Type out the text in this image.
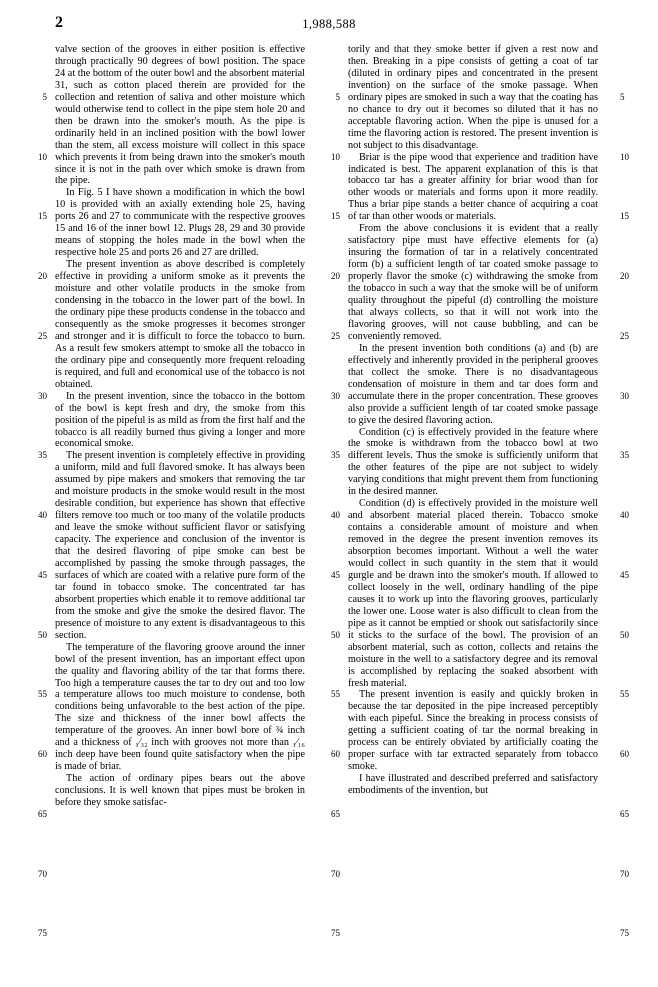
2	1,988,588
5
10
15
20
25
30
35
40
45
50
55
60
65
70
75
5
10
15
20
25
30
35
40
45
50
55
60
65
70
75
5
10
15
20
25
30
35
40
45
50
55
60
65
70
75

valve section of the grooves in either position is effective through practically 90 degrees of bowl position. The space 24 at the bottom of the outer bowl and the absorbent material 31, such as cotton placed therein are provided for the collection and retention of saliva and other moisture which would otherwise tend to collect in the pipe stem hole 20 and then be drawn into the smoker's mouth. As the pipe is ordinarily held in an inclined position with the bowl lower than the stem, all excess moisture will collect in this space which prevents it from being drawn into the smoker's mouth since it is not in the path over which smoke is drawn from the pipe.

In Fig. 5 I have shown a modification in which the bowl 10 is provided with an axially extending hole 25, having ports 26 and 27 to communicate with the respective grooves 15 and 16 of the inner bowl 12. Plugs 28, 29 and 30 provide means of stopping the holes made in the bowl when the respective hole 25 and ports 26 and 27 are drilled.

The present invention as above described is completely effective in providing a uniform smoke as it prevents the moisture and other volatile products in the smoke from condensing in the tobacco in the lower part of the bowl. In the ordinary pipe these products condense in the tobacco and consequently as the smoke progresses it becomes stronger and stronger and it is difficult to force the tobacco to burn. As a result few smokers attempt to smoke all the tobacco in the ordinary pipe and consequently more frequent reloading is required, and full and economical use of the tobacco is not obtained.

In the present invention, since the tobacco in the bottom of the bowl is kept fresh and dry, the smoke from this position of the pipeful is as mild as from the first half and the tobacco is all readily burned thus giving a longer and more economical smoke.

The present invention is completely effective in providing a uniform, mild and full flavored smoke. It has always been assumed by pipe makers and smokers that removing the tar and moisture products in the smoke would result in the most desirable condition, but experience has shown that effective filters remove too much or too many of the volatile products and leave the smoke without sufficient flavor or satisfying capacity. The experience and conclusion of the inventor is that the desired flavoring of pipe smoke can best be accomplished by passing the smoke through passages, the surfaces of which are coated with a relative pure form of the tar found in tobacco smoke. The concentrated tar has absorbent properties which enable it to remove additional tar from the smoke and give the smoke the desired flavor. The presence of moisture to any extent is disadvantageous to this section.

The temperature of the flavoring groove around the inner bowl of the present invention, has an important effect upon the quality and flavoring ability of the tar that forms there. Too high a temperature causes the tar to dry out and too low a temperature allows too much moisture to condense, both conditions being unfavorable to the best action of the pipe. The size and thickness of the inner bowl affects the temperature of the grooves. An inner bowl bore of ¾ inch and a thickness of ₁⁄₃₂ inch with grooves not more than ₁⁄₁₆ inch deep have been found quite satisfactory when the pipe is made of briar.

The action of ordinary pipes bears out the above conclusions. It is well known that pipes must be broken in before they smoke satisfac-

torily and that they smoke better if given a rest now and then. Breaking in a pipe consists of getting a coat of tar (diluted in ordinary pipes and concentrated in the present invention) on the surface of the smoke passage. When ordinary pipes are smoked in such a way that the coating has no chance to dry out it becomes so diluted that it has no acceptable flavoring action. When the pipe is unused for a time the flavoring action is restored. The present invention is not subject to this disadvantage.

Briar is the pipe wood that experience and tradition have indicated is best. The apparent explanation of this is that tobacco tar has a greater affinity for briar wood than for other woods or materials and forms upon it more readily. Thus a briar pipe stands a better chance of acquiring a coat of tar than other woods or materials.

From the above conclusions it is evident that a really satisfactory pipe must have effective elements for (a) insuring the formation of tar in a relatively concentrated form (b) a sufficient length of tar coated smoke passage to properly flavor the smoke (c) withdrawing the smoke from the tobacco in such a way that the smoke will be of uniform quality throughout the pipeful (d) controlling the moisture that always collects, so that it will not work into the flavoring grooves, will not cause bubbling, and can be conveniently removed.

In the present invention both conditions (a) and (b) are effectively and inherently provided in the peripheral grooves that collect the smoke. There is no disadvantageous condensation of moisture in them and tar does form and accumulate there in the proper concentration. These grooves also provide a sufficient length of tar coated smoke passage to give the desired flavoring action.

Condition (c) is effectively provided in the feature where the smoke is withdrawn from the tobacco bowl at two different levels. Thus the smoke is sufficiently uniform that the other features of the pipe are not subject to widely varying conditions that might prevent them from functioning in the desired manner.

Condition (d) is effectively provided in the moisture well and absorbent material placed therein. Tobacco smoke contains a considerable amount of moisture and when removed in the degree the present invention removes its absorption becomes important. Without a well the water would collect in such quantity in the stem that it would gurgle and be drawn into the smoker's mouth. If allowed to collect loosely in the well, ordinary handling of the pipe causes it to work up into the flavoring grooves, particularly the lower one. Loose water is also difficult to clean from the pipe as it cannot be emptied or shook out satisfactorily since it sticks to the surface of the bowl. The provision of an absorbent material, such as cotton, collects and retains the moisture in the well to a satisfactory degree and its removal is accomplished by replacing the soaked absorbent with fresh material.

The present invention is easily and quickly broken in because the tar deposited in the pipe increased perceptibly with each pipeful. Since the breaking in process consists of getting a sufficient coating of tar the normal breaking in process can be entirely obviated by artificially coating the proper surface with tar extracted separately from tobacco smoke.

I have illustrated and described preferred and satisfactory embodiments of the invention, but
